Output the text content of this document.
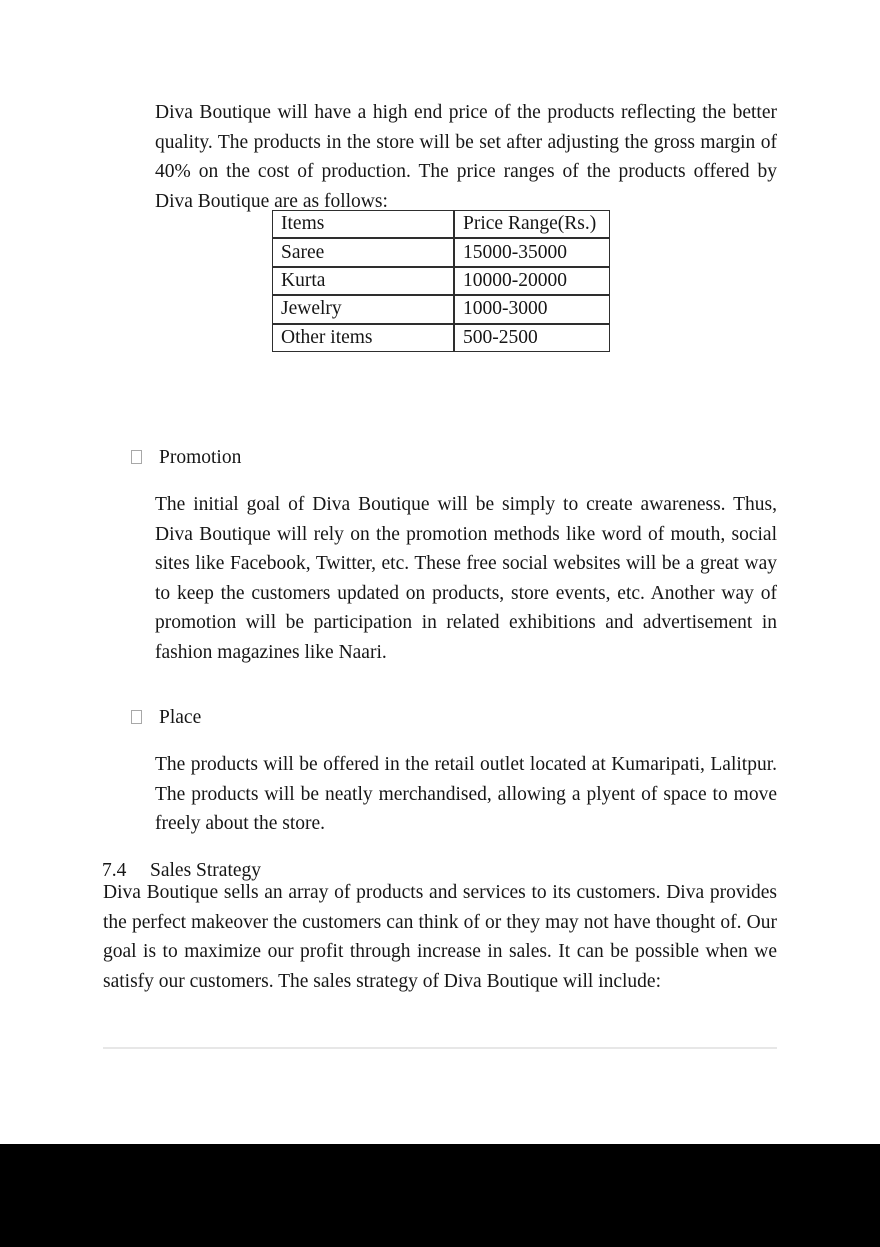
Diva Boutique will have a high end price of the products reflecting the better quality. The products in the store will be set after adjusting the gross margin of 40% on the cost of production. The price ranges of the products offered by Diva Boutique are as follows:

Items	Price Range(Rs.)
Saree	15000-35000
Kurta	10000-20000
Jewelry	1000-3000
Other items	500-2500
Promotion

The initial goal of Diva Boutique will be simply to create awareness. Thus, Diva Boutique will rely on the promotion methods like word of mouth, social sites like Facebook, Twitter, etc. These free social websites will be a great way to keep the customers updated on products, store events, etc. Another way of promotion will be participation in related exhibitions and advertisement in fashion magazines like Naari.

Place

The products will be offered in the retail outlet located at Kumaripati, Lalitpur. The products will be neatly merchandised, allowing a plyent of space to move freely about the store.

7.4 Sales Strategy

Diva Boutique sells an array of products and services to its customers. Diva provides the perfect makeover the customers can think of or they may not have thought of. Our goal is to maximize our profit through increase in sales. It can be possible when we satisfy our customers. The sales strategy of Diva Boutique will include:
